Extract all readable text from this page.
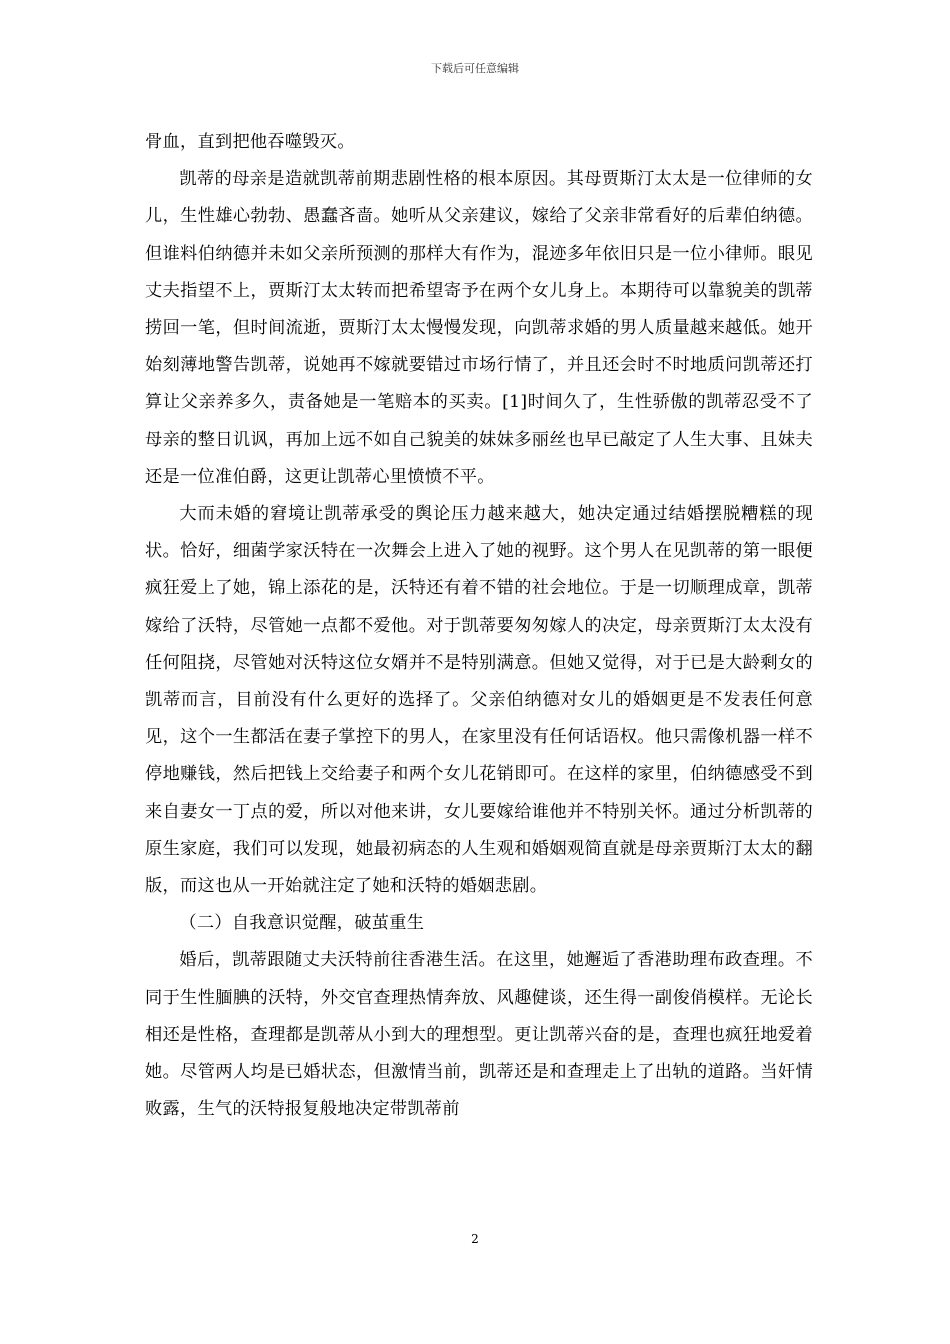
下载后可任意编辑

骨血，直到把他吞噬毁灭。

凯蒂的母亲是造就凯蒂前期悲剧性格的根本原因。其母贾斯汀太太是一位律师的女儿，生性雄心勃勃、愚蠢吝啬。她听从父亲建议，嫁给了父亲非常看好的后辈伯纳德。但谁料伯纳德并未如父亲所预测的那样大有作为，混迹多年依旧只是一位小律师。眼见丈夫指望不上，贾斯汀太太转而把希望寄予在两个女儿身上。本期待可以靠貌美的凯蒂捞回一笔，但时间流逝，贾斯汀太太慢慢发现，向凯蒂求婚的男人质量越来越低。她开始刻薄地警告凯蒂，说她再不嫁就要错过市场行情了，并且还会时不时地质问凯蒂还打算让父亲养多久，责备她是一笔赔本的买卖。[1]时间久了，生性骄傲的凯蒂忍受不了母亲的整日讥讽，再加上远不如自己貌美的妹妹多丽丝也早已敲定了人生大事、且妹夫还是一位准伯爵，这更让凯蒂心里愤愤不平。

大而未婚的窘境让凯蒂承受的舆论压力越来越大，她决定通过结婚摆脱糟糕的现状。恰好，细菌学家沃特在一次舞会上进入了她的视野。这个男人在见凯蒂的第一眼便疯狂爱上了她，锦上添花的是，沃特还有着不错的社会地位。于是一切顺理成章，凯蒂嫁给了沃特，尽管她一点都不爱他。对于凯蒂要匆匆嫁人的决定，母亲贾斯汀太太没有任何阻挠，尽管她对沃特这位女婿并不是特别满意。但她又觉得，对于已是大龄剩女的凯蒂而言，目前没有什么更好的选择了。父亲伯纳德对女儿的婚姻更是不发表任何意见，这个一生都活在妻子掌控下的男人，在家里没有任何话语权。他只需像机器一样不停地赚钱，然后把钱上交给妻子和两个女儿花销即可。在这样的家里，伯纳德感受不到来自妻女一丁点的爱，所以对他来讲，女儿要嫁给谁他并不特别关怀。通过分析凯蒂的原生家庭，我们可以发现，她最初病态的人生观和婚姻观简直就是母亲贾斯汀太太的翻版，而这也从一开始就注定了她和沃特的婚姻悲剧。

（二）自我意识觉醒，破茧重生

婚后，凯蒂跟随丈夫沃特前往香港生活。在这里，她邂逅了香港助理布政查理。不同于生性腼腆的沃特，外交官查理热情奔放、风趣健谈，还生得一副俊俏模样。无论长相还是性格，查理都是凯蒂从小到大的理想型。更让凯蒂兴奋的是，查理也疯狂地爱着她。尽管两人均是已婚状态，但激情当前，凯蒂还是和查理走上了出轨的道路。当奸情败露，生气的沃特报复般地决定带凯蒂前

2
